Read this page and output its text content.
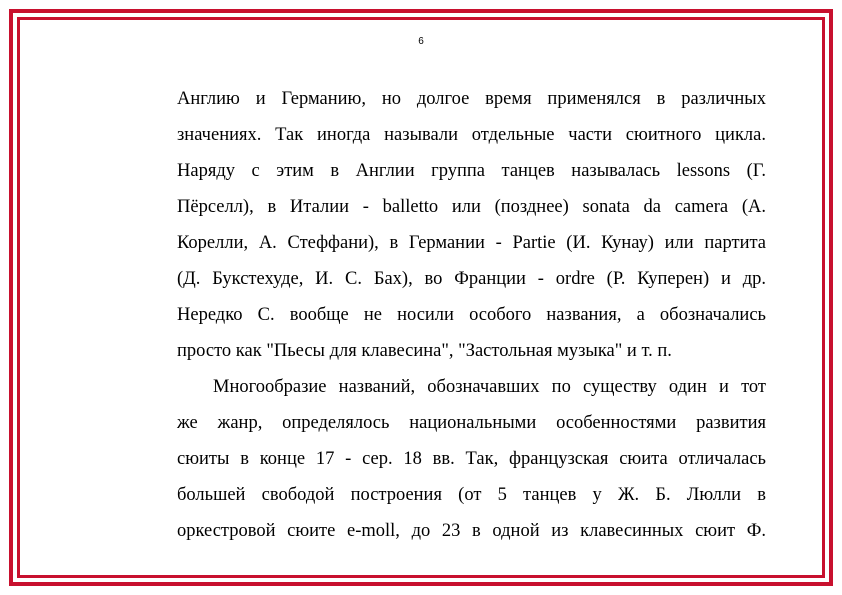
6
Англию и Германию, но долгое время применялся в различных
значениях. Так иногда называли отдельные части сюитного цикла.
Наряду с этим в Англии группа танцев называлась lessons (Г.
Пёрселл), в Италии - balletto или (позднее) sonata da camera (А.
Корелли, А. Стеффани), в Германии - Partie (И. Кунау) или партита
(Д. Букстехуде, И. С. Бах), во Франции - ordre (Р. Куперен) и др.
Нередко С. вообще не носили особого названия, а обозначались
просто как "Пьесы для клавесина", "Застольная музыка" и т. п.
Многообразие названий, обозначавших по существу один и тот
же жанр, определялось национальными особенностями развития
сюиты в конце 17 - сер. 18 вв. Так, французская сюита отличалась
большей свободой построения (от 5 танцев у Ж. Б. Люлли в
оркестровой сюите e-moll, до 23 в одной из клавесинных сюит Ф.
